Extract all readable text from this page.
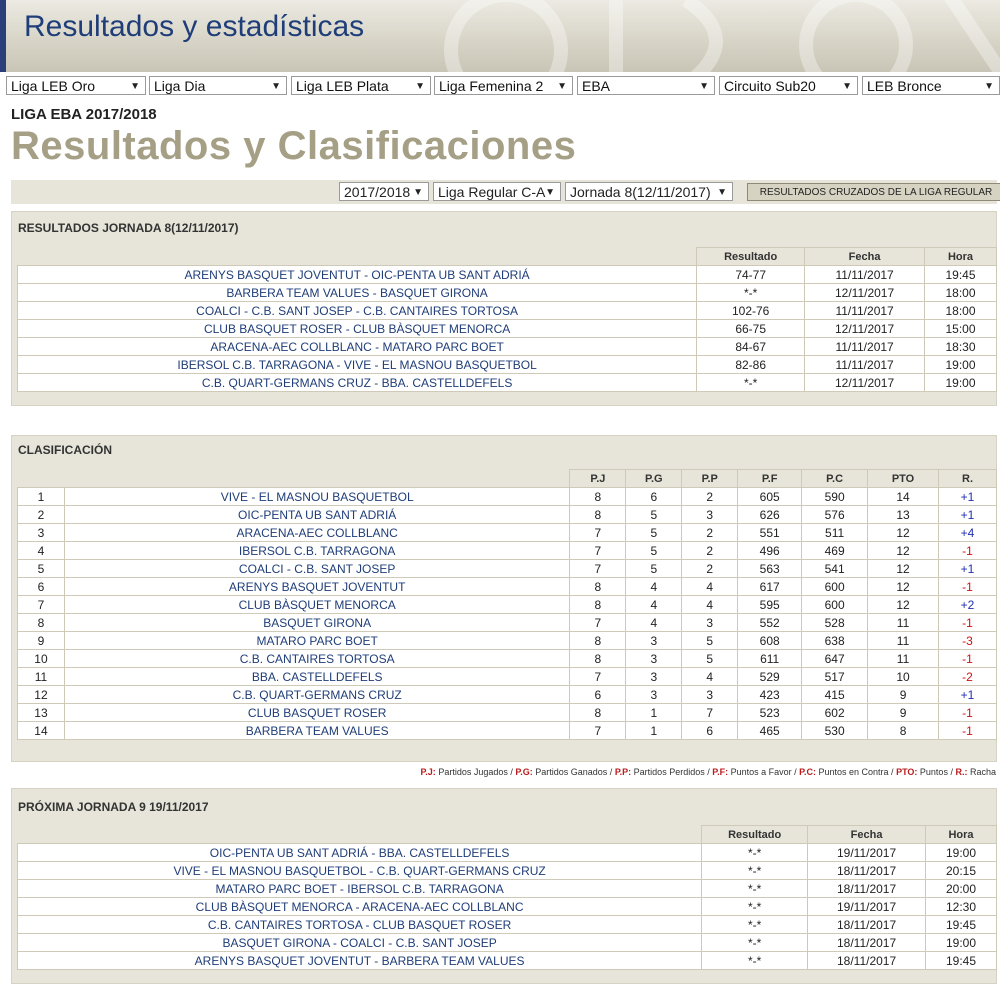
Resultados y estadísticas
Liga LEB Oro	▼	Liga Dia	▼	Liga LEB Plata	▼	Liga Femenina 2 ▼	EBA	▼	Circuito Sub20	▼	LEB Bronce	▼
LIGA EBA 2017/2018
Resultados y Clasificaciones
2017/2018 ▼	Liga Regular C-A ▼	Jornada 8(12/11/2017) ▼	RESULTADOS CRUZADOS DE LA LIGA REGULAR
RESULTADOS JORNADA 8(12/11/2017)
	Resultado	Fecha	Hora
ARENYS BASQUET JOVENTUT - OIC-PENTA UB SANT ADRIÁ	74-77	11/11/2017	19:45
BARBERA TEAM VALUES - BASQUET GIRONA	*-*	12/11/2017	18:00
COALCI - C.B. SANT JOSEP - C.B. CANTAIRES TORTOSA	102-76	11/11/2017	18:00
CLUB BASQUET ROSER - CLUB BÀSQUET MENORCA	66-75	12/11/2017	15:00
ARACENA-AEC COLLBLANC - MATARO PARC BOET	84-67	11/11/2017	18:30
IBERSOL C.B. TARRAGONA - VIVE - EL MASNOU BASQUETBOL	82-86	11/11/2017	19:00
C.B. QUART-GERMANS CRUZ - BBA. CASTELLDEFELS	*-*	12/11/2017	19:00
CLASIFICACIÓN
		P.J	P.G	P.P	P.F	P.C	PTO	R.
1	VIVE - EL MASNOU BASQUETBOL	8	6	2	605	590	14	+1
2	OIC-PENTA UB SANT ADRIÁ	8	5	3	626	576	13	+1
3	ARACENA-AEC COLLBLANC	7	5	2	551	511	12	+4
4	IBERSOL C.B. TARRAGONA	7	5	2	496	469	12	-1
5	COALCI - C.B. SANT JOSEP	7	5	2	563	541	12	+1
6	ARENYS BASQUET JOVENTUT	8	4	4	617	600	12	-1
7	CLUB BÀSQUET MENORCA	8	4	4	595	600	12	+2
8	BASQUET GIRONA	7	4	3	552	528	11	-1
9	MATARO PARC BOET	8	3	5	608	638	11	-3
10	C.B. CANTAIRES TORTOSA	8	3	5	611	647	11	-1
11	BBA. CASTELLDEFELS	7	3	4	529	517	10	-2
12	C.B. QUART-GERMANS CRUZ	6	3	3	423	415	9	+1
13	CLUB BASQUET ROSER	8	1	7	523	602	9	-1
14	BARBERA TEAM VALUES	7	1	6	465	530	8	-1
P.J: Partidos Jugados / P.G: Partidos Ganados / P.P: Partidos Perdidos / P.F: Puntos a Favor / P.C: Puntos en Contra / PTO: Puntos / R.: Racha
PRÓXIMA JORNADA 9 19/11/2017
	Resultado	Fecha	Hora
OIC-PENTA UB SANT ADRIÁ - BBA. CASTELLDEFELS	*-*	19/11/2017	19:00
VIVE - EL MASNOU BASQUETBOL - C.B. QUART-GERMANS CRUZ	*-*	18/11/2017	20:15
MATARO PARC BOET - IBERSOL C.B. TARRAGONA	*-*	18/11/2017	20:00
CLUB BÀSQUET MENORCA - ARACENA-AEC COLLBLANC	*-*	19/11/2017	12:30
C.B. CANTAIRES TORTOSA - CLUB BASQUET ROSER	*-*	18/11/2017	19:45
BASQUET GIRONA - COALCI - C.B. SANT JOSEP	*-*	18/11/2017	19:00
ARENYS BASQUET JOVENTUT - BARBERA TEAM VALUES	*-*	18/11/2017	19:45
